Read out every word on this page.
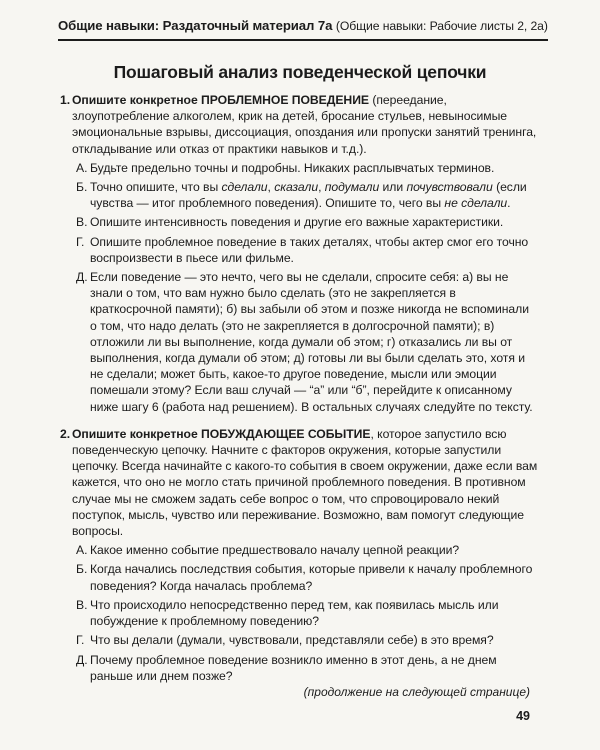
Общие навыки: Раздаточный материал 7а (Общие навыки: Рабочие листы 2, 2а)
Пошаговый анализ поведенческой цепочки
1. Опишите конкретное ПРОБЛЕМНОЕ ПОВЕДЕНИЕ (переедание, злоупотребление алкоголем, крик на детей, бросание стульев, невыносимые эмоциональные взрывы, диссоциация, опоздания или пропуски занятий тренинга, откладывание или отказ от практики навыков и т.д.).
А. Будьте предельно точны и подробны. Никаких расплывчатых терминов.
Б. Точно опишите, что вы сделали, сказали, подумали или почувствовали (если чувства — итог проблемного поведения). Опишите то, чего вы не сделали.
В. Опишите интенсивность поведения и другие его важные характеристики.
Г. Опишите проблемное поведение в таких деталях, чтобы актер смог его точно воспроизвести в пьесе или фильме.
Д. Если поведение — это нечто, чего вы не сделали, спросите себя: а) вы не знали о том, что вам нужно было сделать (это не закрепляется в краткосрочной памяти); б) вы забыли об этом и позже никогда не вспоминали о том, что надо делать (это не закрепляется в долгосрочной памяти); в) отложили ли вы выполнение, когда думали об этом; г) отказались ли вы от выполнения, когда думали об этом; д) готовы ли вы были сделать это, хотя и не сделали; может быть, какое-то другое поведение, мысли или эмоции помешали этому? Если ваш случай — “а” или “б”, перейдите к описанному ниже шагу 6 (работа над решением). В остальных случаях следуйте по тексту.
2. Опишите конкретное ПОБУЖДАЮЩЕЕ СОБЫТИЕ, которое запустило всю поведенческую цепочку. Начните с факторов окружения, которые запустили цепочку. Всегда начинайте с какого-то события в своем окружении, даже если вам кажется, что оно не могло стать причиной проблемного поведения. В противном случае мы не сможем задать себе вопрос о том, что спровоцировало некий поступок, мысль, чувство или переживание. Возможно, вам помогут следующие вопросы.
А. Какое именно событие предшествовало началу цепной реакции?
Б. Когда начались последствия события, которые привели к началу проблемного поведения? Когда началась проблема?
В. Что происходило непосредственно перед тем, как появилась мысль или побуждение к проблемному поведению?
Г. Что вы делали (думали, чувствовали, представляли себе) в это время?
Д. Почему проблемное поведение возникло именно в этот день, а не днем раньше или днем позже?
(продолжение на следующей странице)
49
